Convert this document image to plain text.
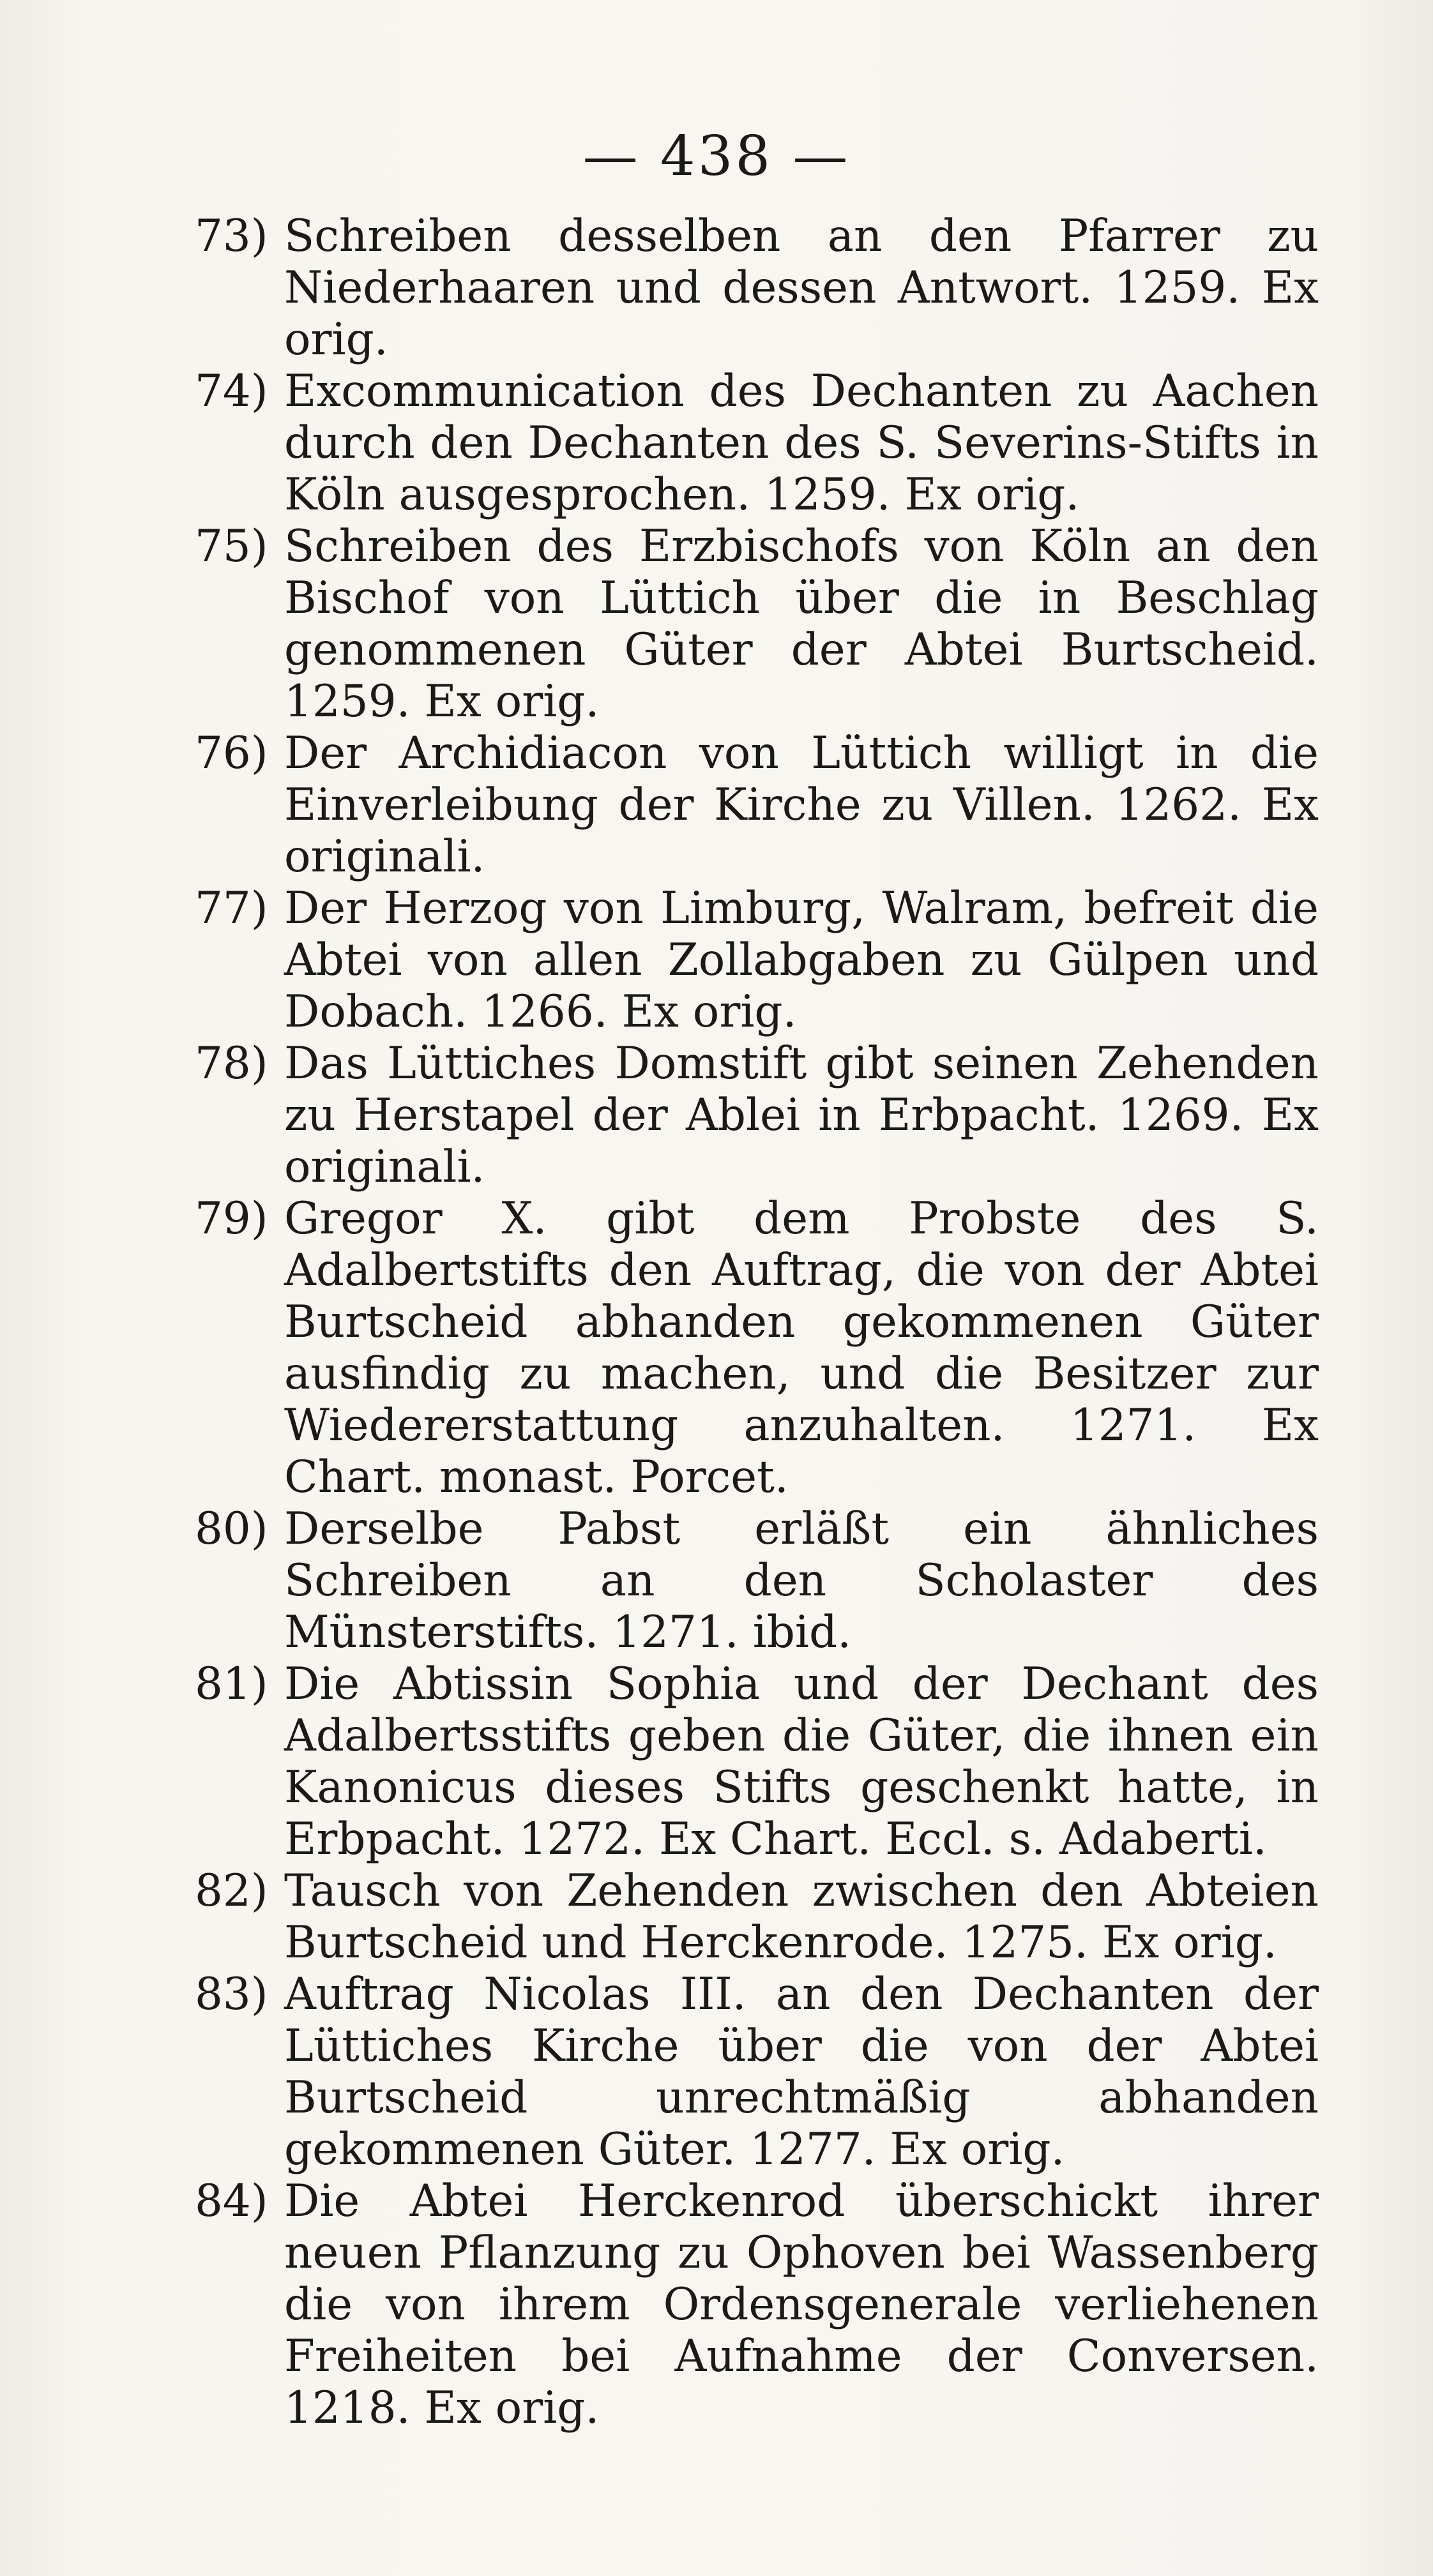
— 438 —
73) Schreiben desselben an den Pfarrer zu Niederhaaren und dessen Antwort. 1259. Ex orig.
74) Excommunication des Dechanten zu Aachen durch den Dechanten des S. Severins-Stifts in Köln ausgesprochen. 1259. Ex orig.
75) Schreiben des Erzbischofs von Köln an den Bischof von Lüttich über die in Beschlag genommenen Güter der Abtei Burtscheid. 1259. Ex orig.
76) Der Archidiacon von Lüttich willigt in die Einverleibung der Kirche zu Villen. 1262. Ex originali.
77) Der Herzog von Limburg, Walram, befreit die Abtei von allen Zollabgaben zu Gülpen und Dobach. 1266. Ex orig.
78) Das Lüttiches Domstift gibt seinen Zehenden zu Herstapel der Ablei in Erbpacht. 1269. Ex originali.
79) Gregor X. gibt dem Probste des S. Adalbertstifts den Auftrag, die von der Abtei Burtscheid abhanden gekommenen Güter ausfindig zu machen, und die Besitzer zur Wiedererstattung anzuhalten. 1271. Ex Chart. monast. Porcet.
80) Derselbe Pabst erläßt ein ähnliches Schreiben an den Scholaster des Münsterstifts. 1271. ibid.
81) Die Abtissin Sophia und der Dechant des Adalbertsstifts geben die Güter, die ihnen ein Kanonicus dieses Stifts geschenkt hatte, in Erbpacht. 1272. Ex Chart. Eccl. s. Adaberti.
82) Tausch von Zehenden zwischen den Abteien Burtscheid und Herckenrode. 1275. Ex orig.
83) Auftrag Nicolas III. an den Dechanten der Lüttiches Kirche über die von der Abtei Burtscheid unrechtmäßig abhanden gekommenen Güter. 1277. Ex orig.
84) Die Abtei Herckenrod überschickt ihrer neuen Pflanzung zu Ophoven bei Wassenberg die von ihrem Ordensgenerale verliehenen Freiheiten bei Aufnahme der Conversen. 1218. Ex orig.
